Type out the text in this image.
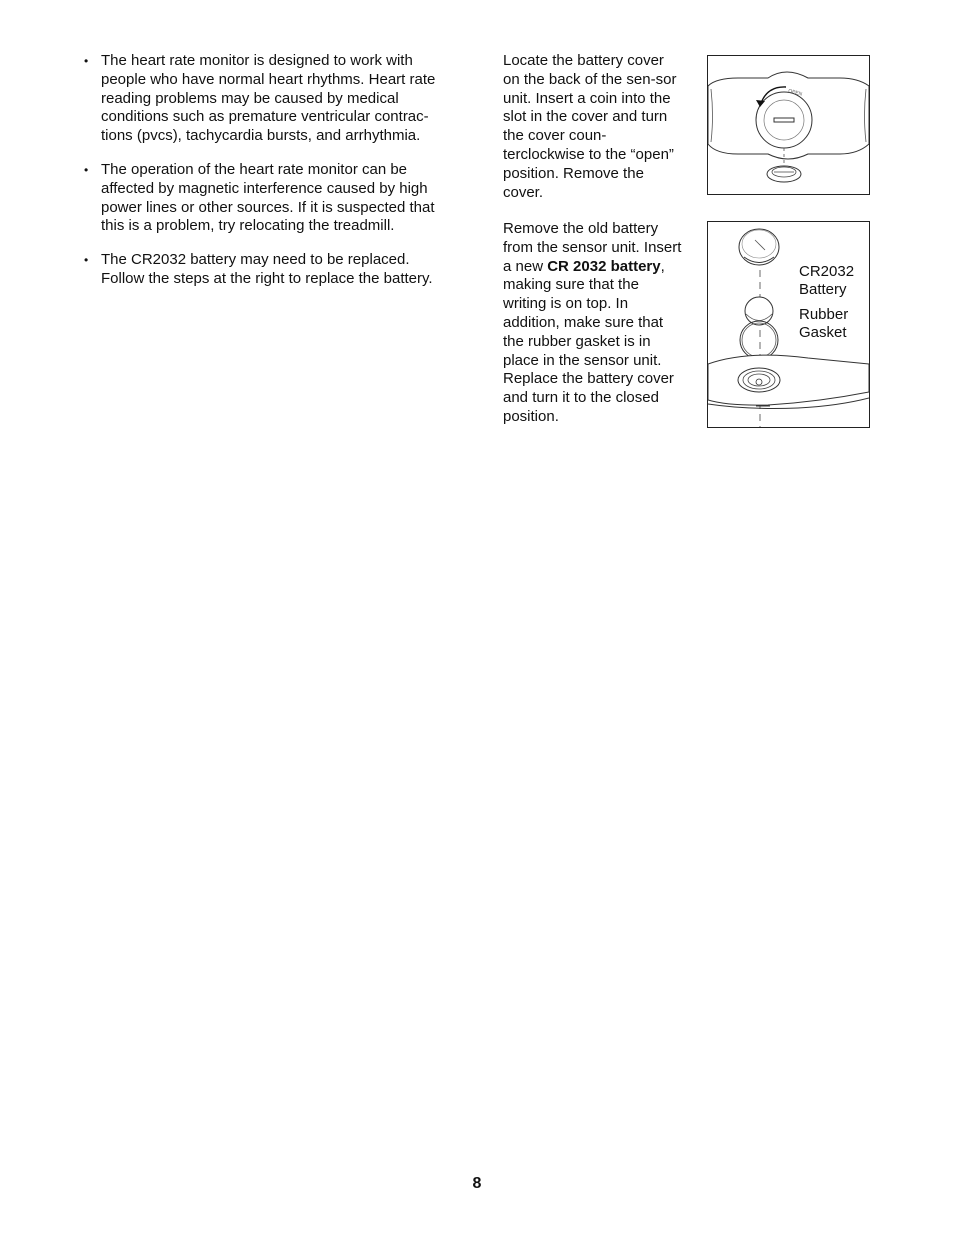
• The heart rate monitor is designed to work with people who have normal heart rhythms. Heart rate reading problems may be caused by medical conditions such as premature ventricular contrac-tions (pvcs), tachycardia bursts, and arrhythmia.
• The operation of the heart rate monitor can be affected by magnetic interference caused by high power lines or other sources. If it is suspected that this is a problem, try relocating the treadmill.
• The CR2032 battery may need to be replaced. Follow the steps at the right to replace the battery.
Locate the battery cover on the back of the sen-sor unit. Insert a coin into the slot in the cover and turn the cover coun-terclockwise to the “open” position. Remove the cover.
Remove the old battery from the sensor unit. Insert a new CR 2032 battery, making sure that the writing is on top. In addition, make sure that the rubber gasket is in place in the sensor unit. Replace the battery cover and turn it to the closed position.
OPEN
CR2032
Battery
Rubber
Gasket
8
